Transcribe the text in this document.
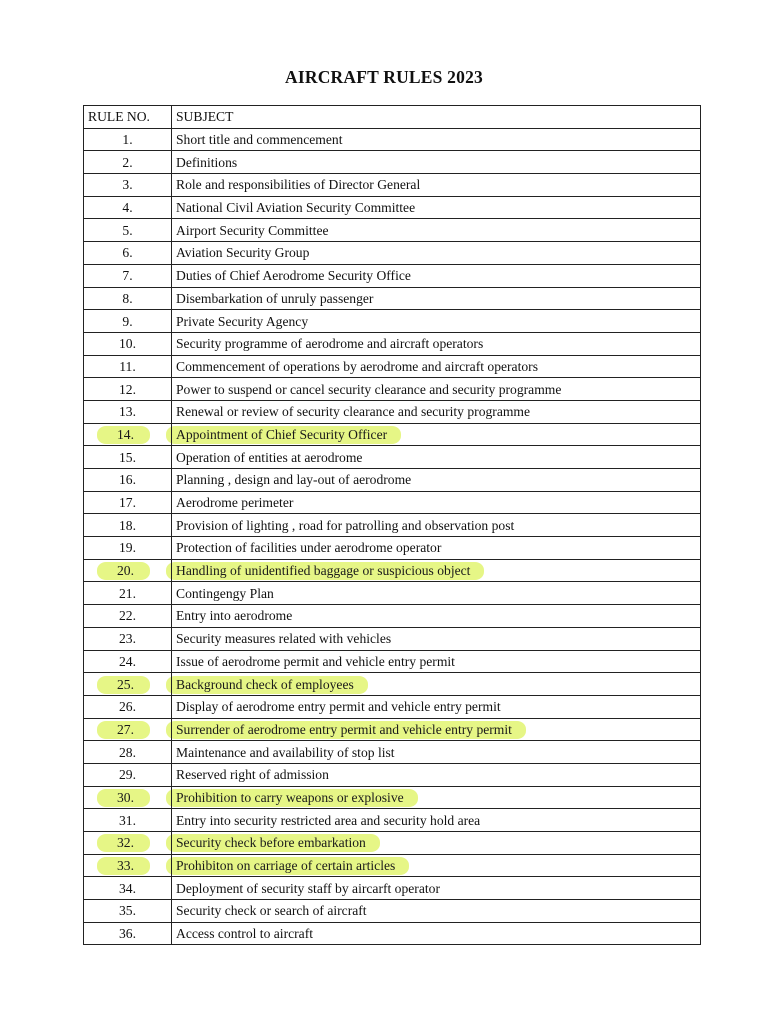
AIRCRAFT RULES 2023
RULE NO.	SUBJECT
1.	Short title and commencement
2.	Definitions
3.	Role and responsibilities of Director General
4.	National Civil Aviation Security Committee
5.	Airport Security Committee
6.	Aviation Security Group
7.	Duties of Chief Aerodrome Security Office
8.	Disembarkation of unruly passenger
9.	Private Security Agency
10.	Security programme of aerodrome and aircraft operators
11.	Commencement of operations by aerodrome and aircraft operators
12.	Power to suspend or cancel security clearance and security programme
13.	Renewal or review of security clearance and security programme
14.	Appointment of Chief Security Officer
15.	Operation of entities at aerodrome
16.	Planning , design and lay-out of aerodrome
17.	Aerodrome perimeter
18.	Provision of lighting , road for patrolling and observation post
19.	Protection of facilities under aerodrome operator
20.	Handling of unidentified baggage or suspicious object
21.	Contingengy Plan
22.	Entry into aerodrome
23.	Security measures related with vehicles
24.	Issue of aerodrome permit and vehicle entry permit
25.	Background check of employees
26.	Display of aerodrome entry permit and vehicle entry permit
27.	Surrender of aerodrome entry permit and vehicle entry permit
28.	Maintenance and availability of stop list
29.	Reserved right of admission
30.	Prohibition to carry weapons or explosive
31.	Entry into security restricted area and security hold area
32.	Security check before embarkation
33.	Prohibiton on carriage of certain articles
34.	Deployment of security staff by aircarft operator
35.	Security check or search of aircraft
36.	Access control to aircraft
